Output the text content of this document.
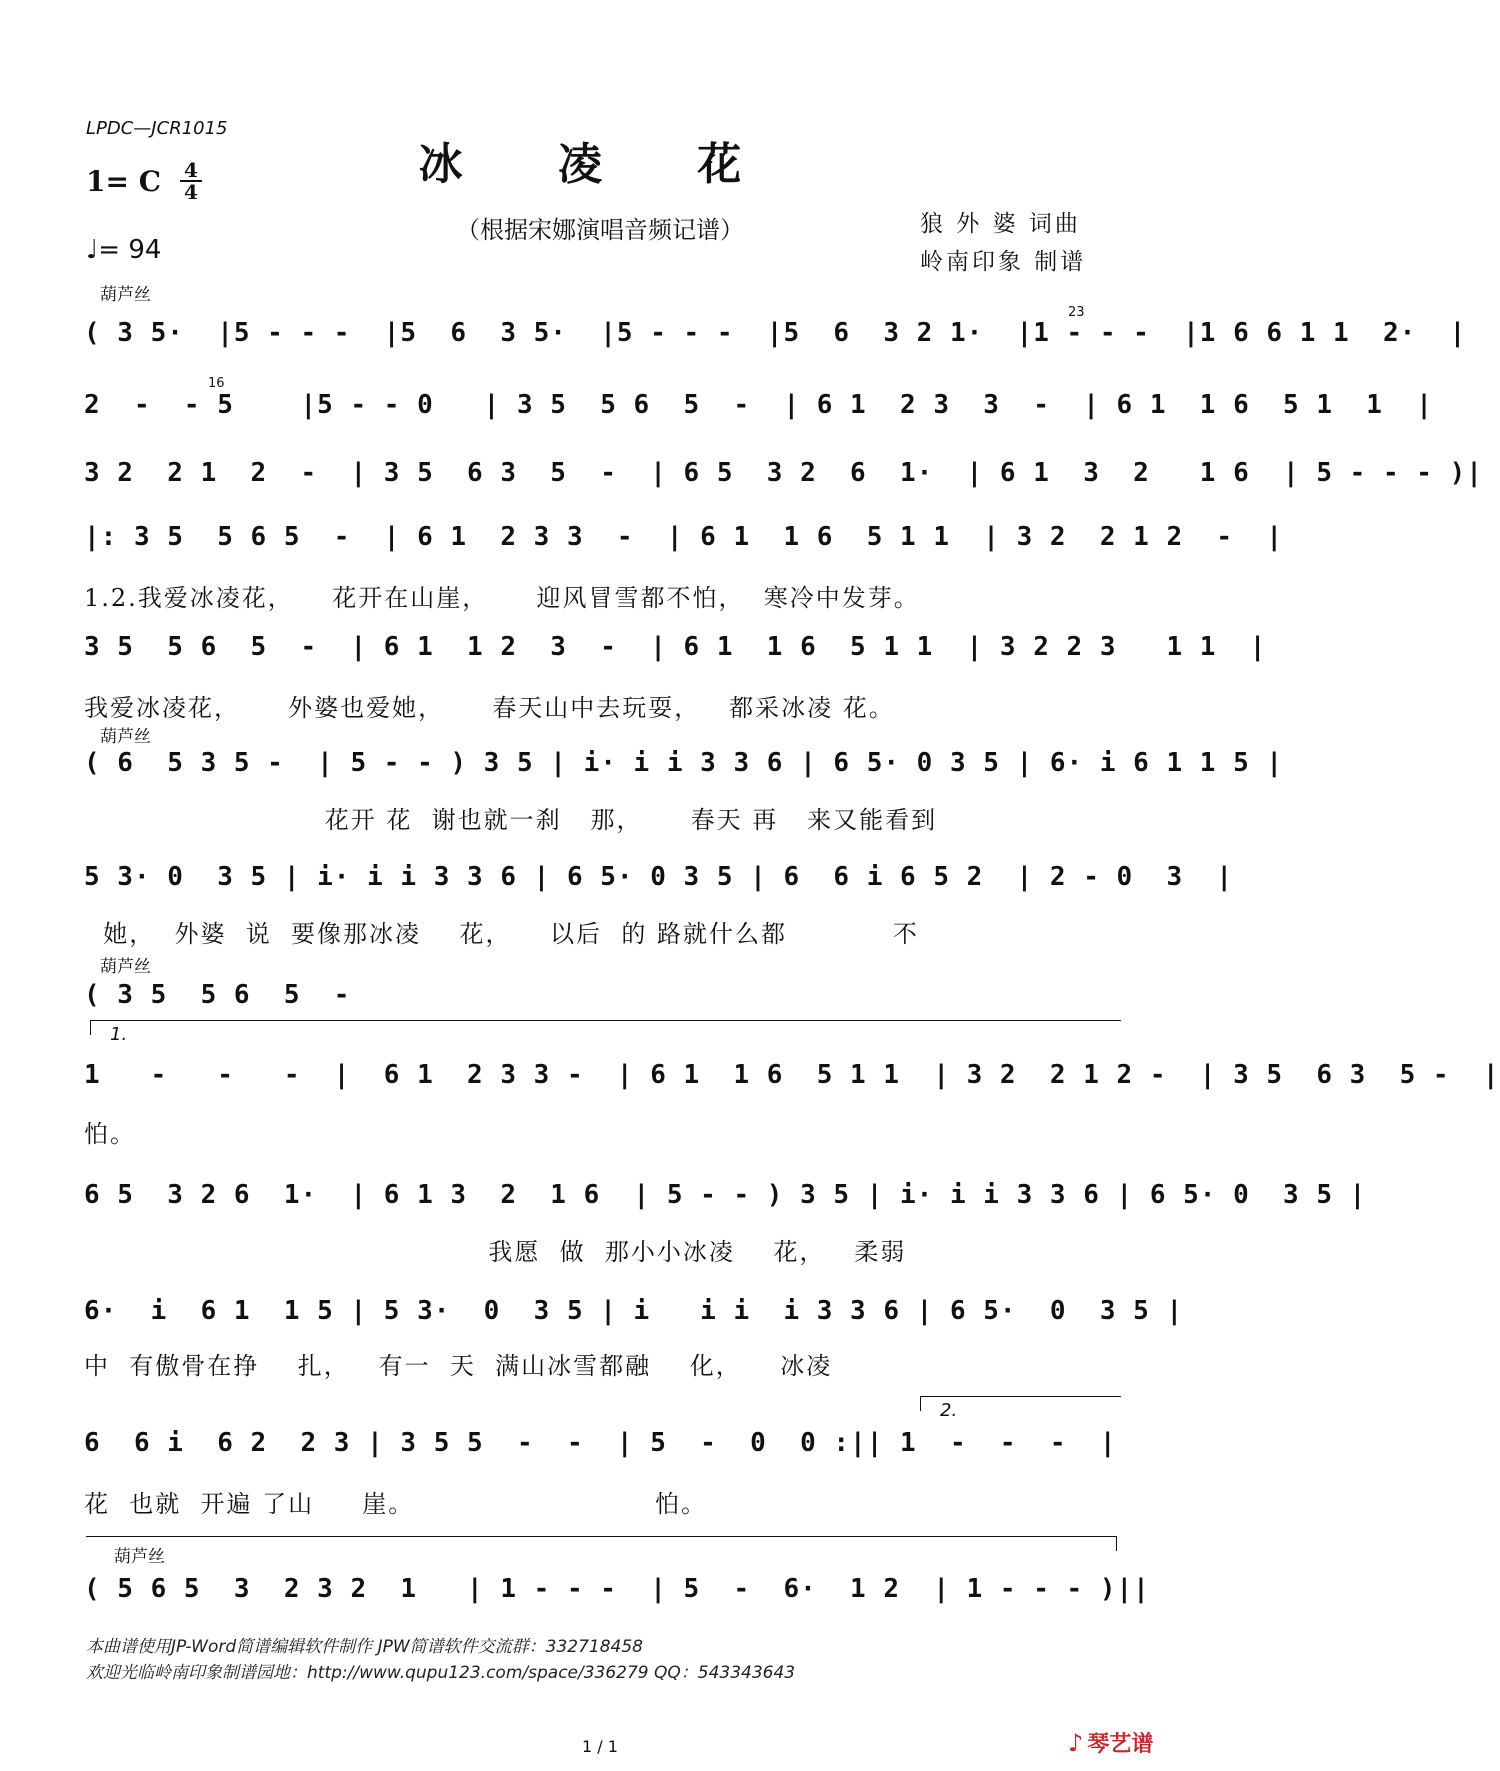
LPDC—JCR1015
冰 凌 花
（根据宋娜演唱音频记谱）
1= C 4
4
♩= 94
狼 外 婆 词曲
岭南印象 制谱
葫芦丝
( 3 5·  |5 - - -  |5  6  3 5·  |5 - - -  |5  6  3 2 1·  |1 - - -  |1 6 6 1 1  2·  |
23
2  -  - 5    |5 - - 0   | 3 5  5 6  5  -  | 6 1  2 3  3  -  | 6 1  1 6  5 1  1  |
16
3 2  2 1  2  -  | 3 5  6 3  5  -  | 6 5  3 2  6  1·  | 6 1  3  2   1 6  | 5 - - - )|
|: 3 5  5 6 5  -  | 6 1  2 3 3  -  | 6 1  1 6  5 1 1  | 3 2  2 1 2  -  |
1.2.我爱冰凌花，    花开在山崖，     迎风冒雪都不怕，  寒冷中发芽。
3 5  5 6  5  -  | 6 1  1 2  3  -  | 6 1  1 6  5 1 1  | 3 2 2 3   1 1  |
我爱冰凌花，     外婆也爱她，     春天山中去玩耍，   都采冰凌 花。
葫芦丝
( 6  5 3 5 -  | 5 - - ) 3 5 | i· i i 3 3 6 | 6 5· 0 3 5 | 6· i 6 1 1 5 |
花开 花  谢也就一刹   那，     春天 再   来又能看到
5 3· 0  3 5 | i· i i 3 3 6 | 6 5· 0 3 5 | 6  6 i 6 5 2  | 2 - 0  3  |
她，  外婆  说  要像那冰凌    花，    以后  的 路就什么都           不
葫芦丝
( 3 5  5 6  5  -
1.
1   -   -   -  |  6 1  2 3 3 -  | 6 1  1 6  5 1 1  | 3 2  2 1 2 -  | 3 5  6 3  5 -  |
怕。
6 5  3 2 6  1·  | 6 1 3  2  1 6  | 5 - - ) 3 5 | i· i i 3 3 6 | 6 5· 0  3 5 |
我愿  做  那小小冰凌    花，   柔弱
6·  i  6 1  1 5 | 5 3·  0  3 5 | i   i i  i 3 3 6 | 6 5·  0  3 5 |
中  有傲骨在挣    扎，   有一  天  满山冰雪都融    化，    冰凌
2.
6  6 i  6 2  2 3 | 3 5 5  -  -  | 5  -  0  0 :|| 1  -  -  -  |
花  也就  开遍 了山     崖。                         怕。
葫芦丝
( 5 6 5  3  2 3 2  1   | 1 - - -  | 5  -  6·  1 2  | 1 - - - )||
本曲谱使用JP-Word简谱编辑软件制作 JPW简谱软件交流群：332718458
欢迎光临岭南印象制谱园地：http://www.qupu123.com/space/336279 QQ：543343643
1 / 1	♪ 琴艺谱
